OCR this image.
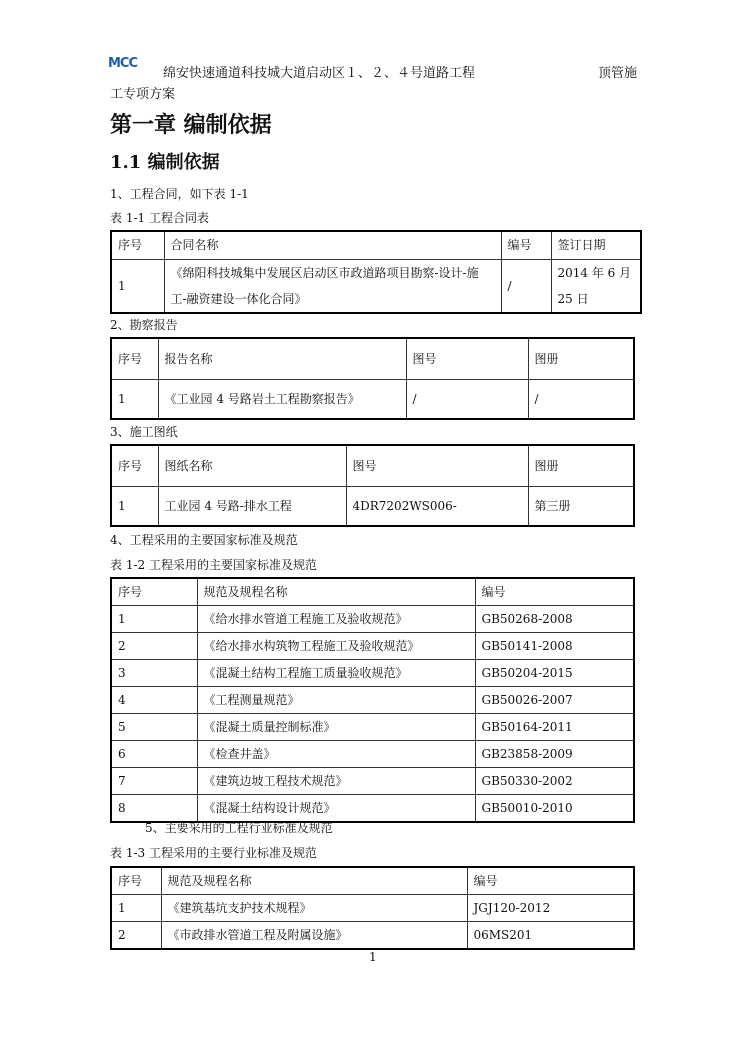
MCC
绵安快速通道科技城大道启动区１、２、４号道路工程	顶管施
工专项方案
第一章 编制依据
1.1 编制依据
1、工程合同，如下表 1-1
表 1-1 工程合同表
序号	合同名称	编号	签订日期
1	《绵阳科技城集中发展区启动区市政道路项目勘察-设计-施工-融资建设一体化合同》	/	2014 年 6 月 25 日
2、勘察报告
序号	报告名称	图号	图册
1	《工业园 4 号路岩土工程勘察报告》	/	/
3、施工图纸
序号	图纸名称	图号	图册
1	工业园 4 号路-排水工程	4DR7202WS006-	第三册
4、工程采用的主要国家标准及规范
表 1-2 工程采用的主要国家标准及规范
序号	规范及规程名称	编号
1	《给水排水管道工程施工及验收规范》	GB50268-2008
2	《给水排水构筑物工程施工及验收规范》	GB50141-2008
3	《混凝土结构工程施工质量验收规范》	GB50204-2015
4	《工程测量规范》	GB50026-2007
5	《混凝土质量控制标准》	GB50164-2011
6	《检查井盖》	GB23858-2009
7	《建筑边坡工程技术规范》	GB50330-2002
8	《混凝土结构设计规范》	GB50010-2010
5、主要采用的工程行业标准及规范
表 1-3 工程采用的主要行业标准及规范
序号	规范及规程名称	编号
1	《建筑基坑支护技术规程》	JGJ120-2012
2	《市政排水管道工程及附属设施》	06MS201
1
